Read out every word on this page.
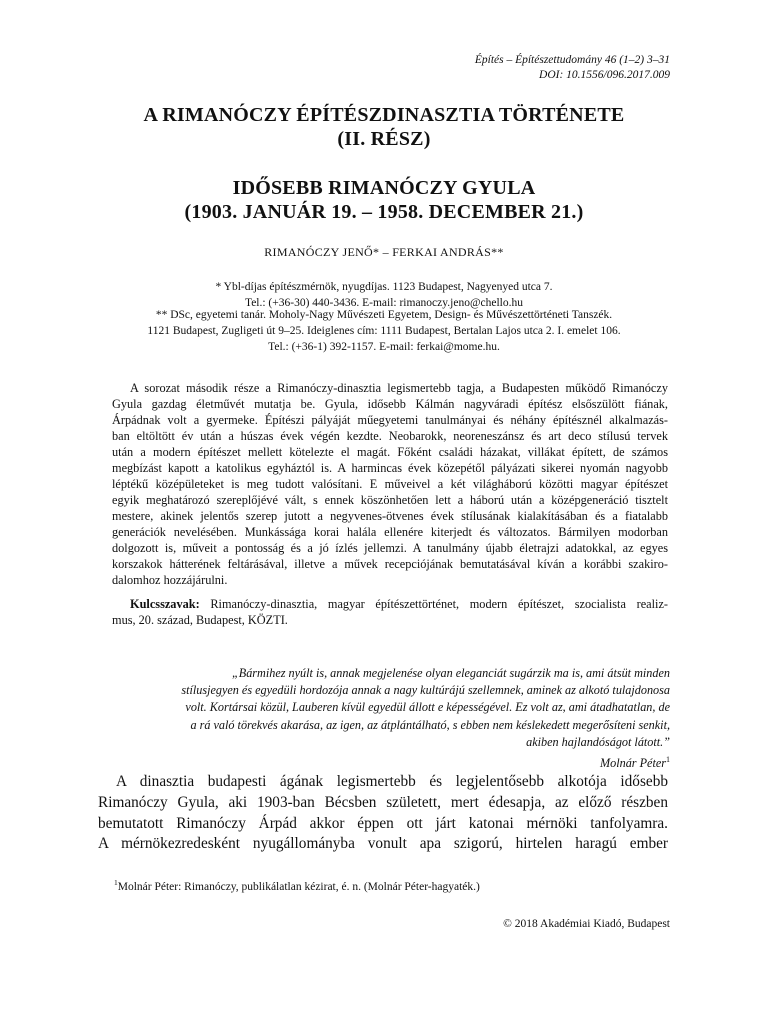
Építés – Építészettudomány 46 (1–2) 3–31
DOI: 10.1556/096.2017.009
A RIMANÓCZY ÉPÍTÉSZDINASZTIA TÖRTÉNETE
(II. RÉSZ)
IDŐSEBB RIMANÓCZY GYULA
(1903. JANUÁR 19. – 1958. DECEMBER 21.)
RIMANÓCZY JENŐ* – FERKAI ANDRÁS**
* Ybl-díjas építészmérnök, nyugdíjas. 1123 Budapest, Nagyenyed utca 7.
Tel.: (+36-30) 440-3436. E-mail: rimanoczy.jeno@chello.hu
** DSc, egyetemi tanár. Moholy-Nagy Művészeti Egyetem, Design- és Művészettörténeti Tanszék.
1121 Budapest, Zugligeti út 9–25. Ideiglenes cím: 1111 Budapest, Bertalan Lajos utca 2. I. emelet 106.
Tel.: (+36-1) 392-1157. E-mail: ferkai@mome.hu.
A sorozat második része a Rimanóczy-dinasztia legismertebb tagja, a Budapesten működő Rimanóczy
Gyula gazdag életművét mutatja be. Gyula, idősebb Kálmán nagyváradi építész elsőszülött fiának,
Árpádnak volt a gyermeke. Építészi pályáját műegyetemi tanulmányai és néhány építésznél alkalmazás-
ban eltöltött év után a húszas évek végén kezdte. Neobarokk, neoreneszánsz és art deco stílusú tervek
után a modern építészet mellett kötelezte el magát. Főként családi házakat, villákat épített, de számos
megbízást kapott a katolikus egyháztól is. A harmincas évek közepétől pályázati sikerei nyomán nagyobb
léptékű középületeket is meg tudott valósítani. E műveivel a két világháború közötti magyar építészet
egyik meghatározó szereplőjévé vált, s ennek köszönhetően lett a háború után a középgeneráció tisztelt
mestere, akinek jelentős szerep jutott a negyvenes-ötvenes évek stílusának kialakításában és a fiatalabb
generációk nevelésében. Munkássága korai halála ellenére kiterjedt és változatos. Bármilyen modorban
dolgozott is, műveit a pontosság és a jó ízlés jellemzi. A tanulmány újabb életrajzi adatokkal, az egyes
korszakok hátterének feltárásával, illetve a művek recepciójának bemutatásával kíván a korábbi szakiro-
dalomhoz hozzájárulni.
Kulcsszavak: Rimanóczy-dinasztia, magyar építészettörténet, modern építészet, szocialista realiz-
mus, 20. század, Budapest, KÖZTI.
„Bármihez nyúlt is, annak megjelenése olyan eleganciát sugárzik ma is, ami átsüt minden
stílusjegyen és egyedüli hordozója annak a nagy kultúrájú szellemnek, aminek az alkotó tulajdonosa
volt. Kortársai közül, Lauberen kívül egyedül állott e képességével. Ez volt az, ami átadhatatlan, de
a rá való törekvés akarása, az igen, az átplántálható, s ebben nem késlekedett megerősíteni senkit,
akiben hajlandóságot látott.”
Molnár Péter$^1$
A dinasztia budapesti ágának legismertebb és legjelentősebb alkotója idősebb
Rimanóczy Gyula, aki 1903-ban Bécsben született, mert édesapja, az előző részben
bemutatott Rimanóczy Árpád akkor éppen ott járt katonai mérnöki tanfolyamra.
A mérnökezredesként nyugállományba vonult apa szigorú, hirtelen haragú ember
$^1$Molnár Péter: Rimanóczy, publikálatlan kézirat, é. n. (Molnár Péter-hagyaték.)
© 2018 Akadémiai Kiadó, Budapest
